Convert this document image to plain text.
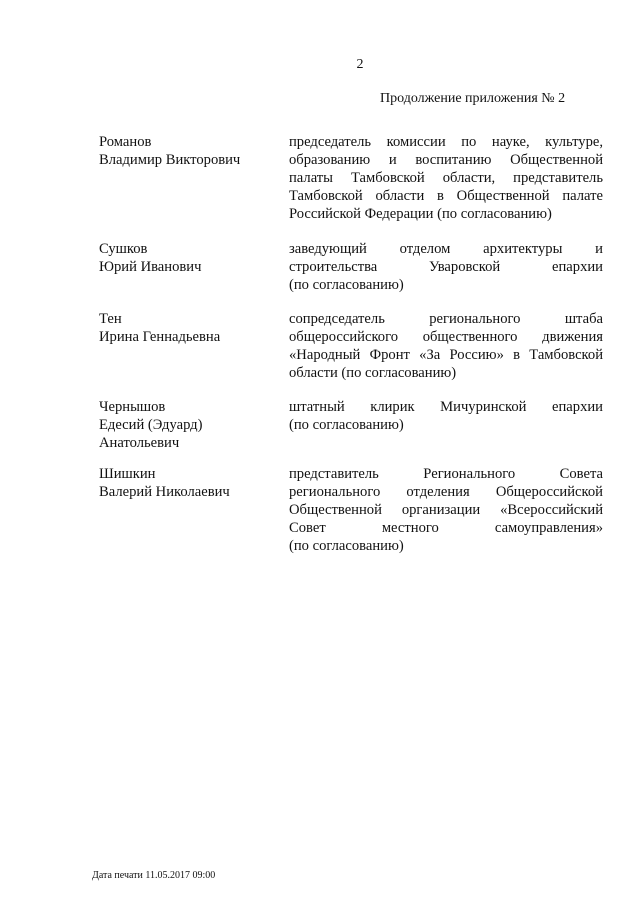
2
Продолжение приложения № 2
Романов
Владимир Викторович
председатель комиссии по науке, культуре,
образованию и воспитанию Общественной
палаты Тамбовской области, представитель
Тамбовской области в Общественной палате
Российской Федерации (по согласованию)
Сушков
Юрий Иванович
заведующий отделом архитектуры и
строительства Уваровской епархии
(по согласованию)
Тен
Ирина Геннадьевна
сопредседатель регионального штаба
общероссийского общественного движения
«Народный Фронт «За Россию» в Тамбовской
области (по согласованию)
Чернышов
Едесий (Эдуард)
Анатольевич
штатный клирик Мичуринской епархии
(по согласованию)
Шишкин
Валерий Николаевич
представитель Регионального Совета
регионального отделения Общероссийской
Общественной организации «Всероссийский
Совет местного самоуправления»
(по согласованию)
Дата печати 11.05.2017 09:00
